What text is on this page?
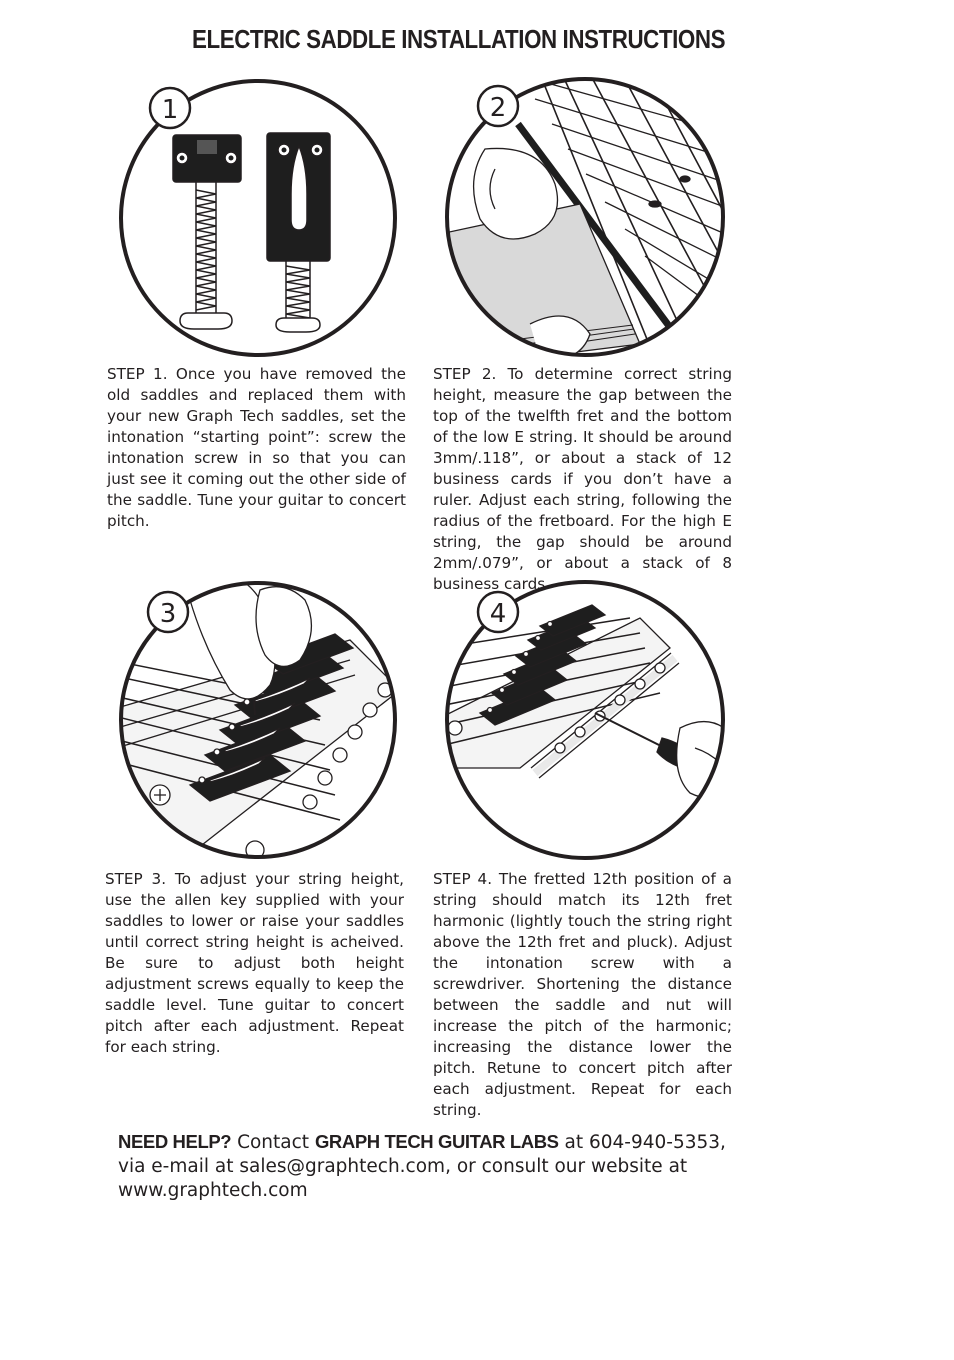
ELECTRIC SADDLE INSTALLATION INSTRUCTIONS
1	2
3	4

STEP 1. Once you have removed the old saddles and replaced them with your new Graph Tech saddles, set the intonation “starting point”: screw the intonation screw in so that you can just see it coming out the other side of the saddle. Tune your guitar to concert pitch.

STEP 2. To determine correct string height, measure the gap between the top of the twelfth fret and the bottom of the low E string. It should be around 3mm/.118”, or about a stack of 12 business cards if you don’t have a ruler. Adjust each string, following the radius of the fretboard. For the high E string, the gap should be around 2mm/.079”, or about a stack of 8 business cards.

STEP 3. To adjust your string height, use the allen key supplied with your saddles to lower or raise your saddles until correct string height is acheived. Be sure to adjust both height adjustment screws equally to keep the saddle level. Tune guitar to concert pitch after each adjustment. Repeat for each string.

STEP 4. The fretted 12th position of a string should match its 12th fret harmonic (lightly touch the string right above the 12th fret and pluck). Adjust the intonation screw with a screwdriver. Shortening the distance between the saddle and nut will increase the pitch of the harmonic; increasing the distance lower the pitch. Retune to concert pitch after each adjustment. Repeat for each string.

NEED HELP? Contact GRAPH TECH GUITAR LABS at 604-940-5353, via e-mail at sales@graphtech.com, or consult our website at www.graphtech.com
